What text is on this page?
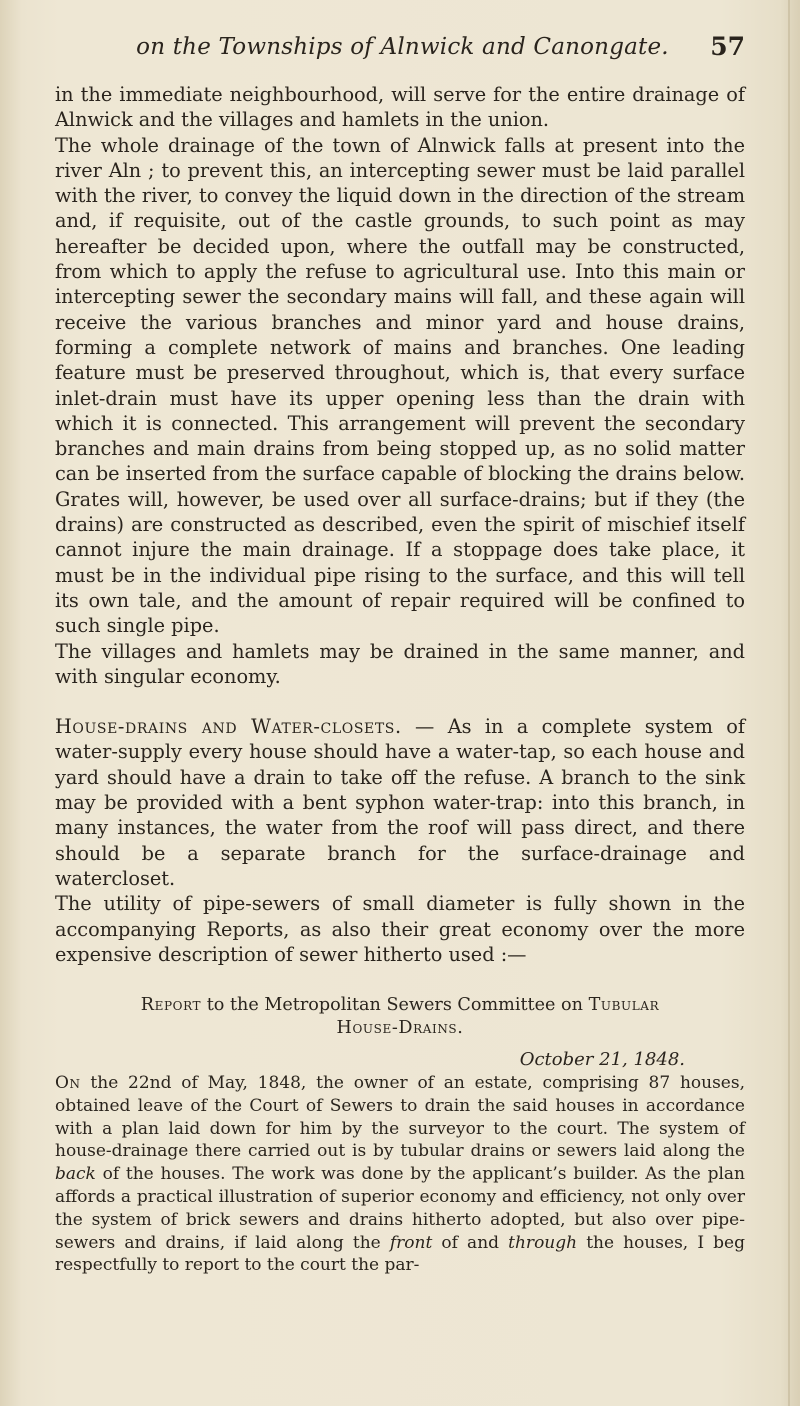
on the Townships of Alnwick and Canongate.	57

in the immediate neighbourhood, will serve for the entire drainage of Alnwick and the villages and hamlets in the union.

The whole drainage of the town of Alnwick falls at present into the river Aln ; to prevent this, an intercepting sewer must be laid parallel with the river, to convey the liquid down in the direction of the stream and, if requisite, out of the castle grounds, to such point as may hereafter be decided upon, where the outfall may be constructed, from which to apply the refuse to agricultural use. Into this main or intercepting sewer the secondary mains will fall, and these again will receive the various branches and minor yard and house drains, forming a complete network of mains and branches. One leading feature must be preserved throughout, which is, that every surface inlet-drain must have its upper opening less than the drain with which it is connected. This arrangement will prevent the secondary branches and main drains from being stopped up, as no solid matter can be inserted from the surface capable of blocking the drains below. Grates will, however, be used over all surface-drains; but if they (the drains) are constructed as described, even the spirit of mischief itself cannot injure the main drainage. If a stoppage does take place, it must be in the individual pipe rising to the surface, and this will tell its own tale, and the amount of repair required will be confined to such single pipe.

The villages and hamlets may be drained in the same manner, and with singular economy.

House-drains and Water-closets. — As in a complete system of water-supply every house should have a water-tap, so each house and yard should have a drain to take off the refuse. A branch to the sink may be provided with a bent syphon water-trap: into this branch, in many instances, the water from the roof will pass direct, and there should be a separate branch for the surface-drainage and watercloset.

The utility of pipe-sewers of small diameter is fully shown in the accompanying Reports, as also their great economy over the more expensive description of sewer hitherto used :—

Report to the Metropolitan Sewers Committee on Tubular
House-Drains.

October 21, 1848.

On the 22nd of May, 1848, the owner of an estate, comprising 87 houses, obtained leave of the Court of Sewers to drain the said houses in accordance with a plan laid down for him by the surveyor to the court. The system of house-drainage there carried out is by tubular drains or sewers laid along the back of the houses. The work was done by the applicant’s builder. As the plan affords a practical illustration of superior economy and efficiency, not only over the system of brick sewers and drains hitherto adopted, but also over pipe-sewers and drains, if laid along the front of and through the houses, I beg respectfully to report to the court the par-
